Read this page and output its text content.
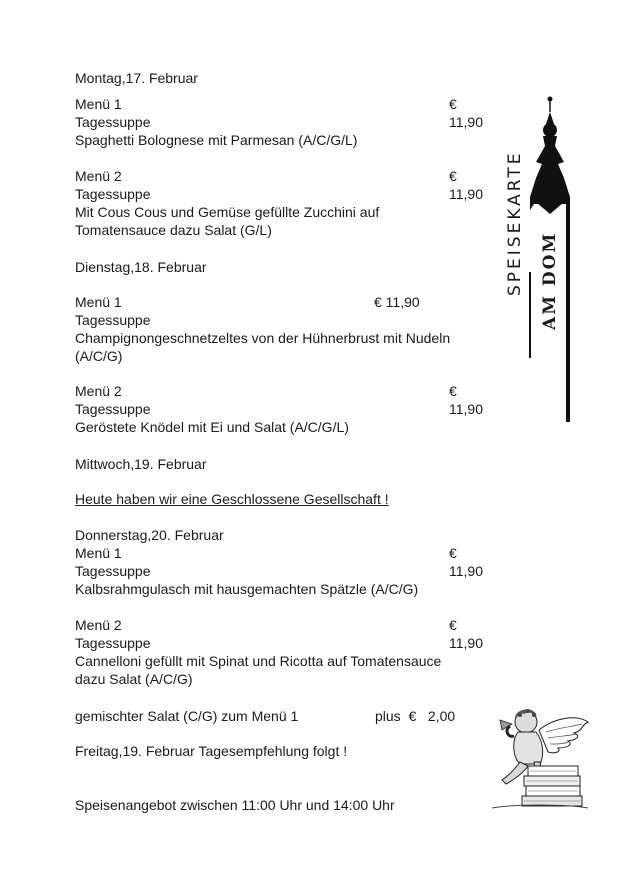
Montag,17. Februar
Menü 1	€ 11,90
Tagessuppe
Spaghetti Bolognese mit Parmesan (A/C/G/L)
Menü 2	€ 11,90
Tagessuppe
Mit Cous Cous und Gemüse gefüllte Zucchini auf Tomatensauce dazu Salat (G/L)
Dienstag,18. Februar
Menü 1	€ 11,90
Tagessuppe
Champignongeschnetzeltes von der Hühnerbrust mit Nudeln (A/C/G)
Menü 2	€ 11,90
Tagessuppe
Geröstete Knödel mit Ei und Salat (A/C/G/L)
Mittwoch,19. Februar
Heute haben wir eine Geschlossene Gesellschaft !
Donnerstag,20. Februar
Menü 1	€ 11,90
Tagessuppe
Kalbsrahmgulasch mit hausgemachten Spätzle (A/C/G)
Menü 2	€ 11,90
Tagessuppe
Cannelloni gefüllt mit Spinat und Ricotta auf Tomatensauce dazu Salat (A/C/G)
gemischter Salat (C/G) zum Menü 1	plus  €   2,00
Freitag,19. Februar Tagesempfehlung folgt !
Speisenangebot zwischen 11:00 Uhr und 14:00 Uhr
SPEISEKARTE AM DOM
